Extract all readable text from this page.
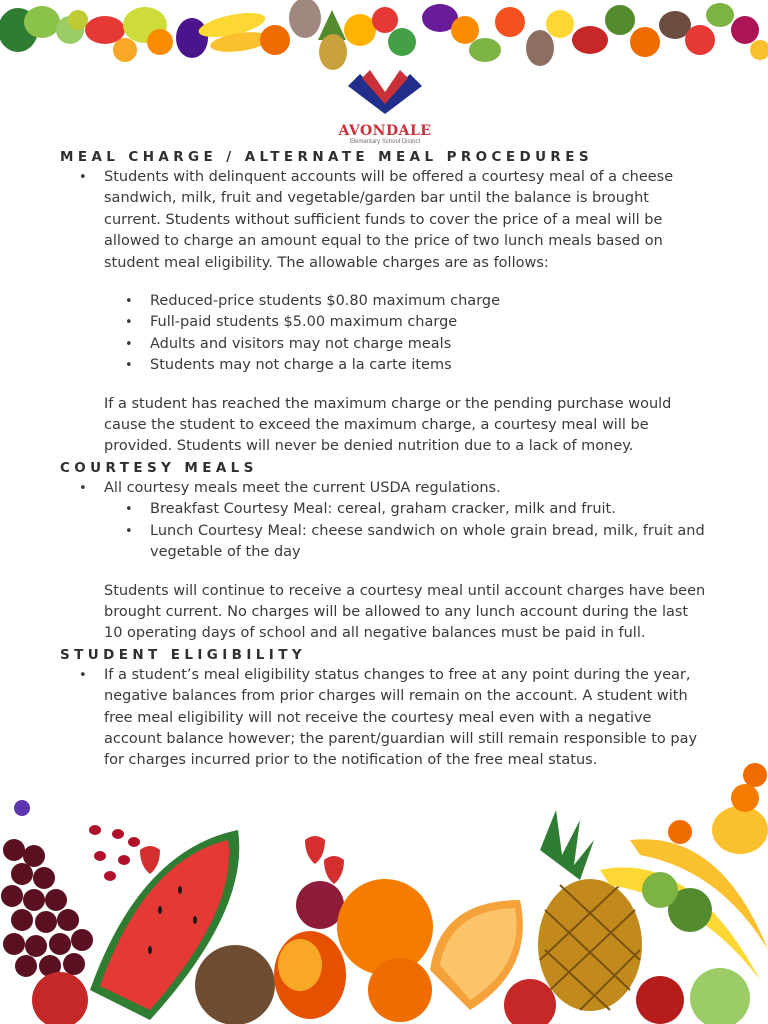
AVONDALE
Elementary School District
MEAL CHARGE / ALTERNATE MEAL PROCEDURES
• Students with delinquent accounts will be offered a courtesy meal of a cheese sandwich, milk, fruit and vegetable/garden bar until the balance is brought current. Students without sufficient funds to cover the price of a meal will be allowed to charge an amount equal to the price of two lunch meals based on student meal eligibility. The allowable charges are as follows:
• Reduced-price students $0.80 maximum charge
• Full-paid students $5.00 maximum charge
• Adults and visitors may not charge meals
• Students may not charge a la carte items

If a student has reached the maximum charge or the pending purchase would cause the student to exceed the maximum charge, a courtesy meal will be provided. Students will never be denied nutrition due to a lack of money.

COURTESY MEALS
• All courtesy meals meet the current USDA regulations.
• Breakfast Courtesy Meal: cereal, graham cracker, milk and fruit.
• Lunch Courtesy Meal: cheese sandwich on whole grain bread, milk, fruit and vegetable of the day

Students will continue to receive a courtesy meal until account charges have been brought current. No charges will be allowed to any lunch account during the last 10 operating days of school and all negative balances must be paid in full.

STUDENT ELIGIBILITY
• If a student’s meal eligibility status changes to free at any point during the year, negative balances from prior charges will remain on the account. A student with free meal eligibility will not receive the courtesy meal even with a negative account balance however; the parent/guardian will still remain responsible to pay for charges incurred prior to the notification of the free meal status.
